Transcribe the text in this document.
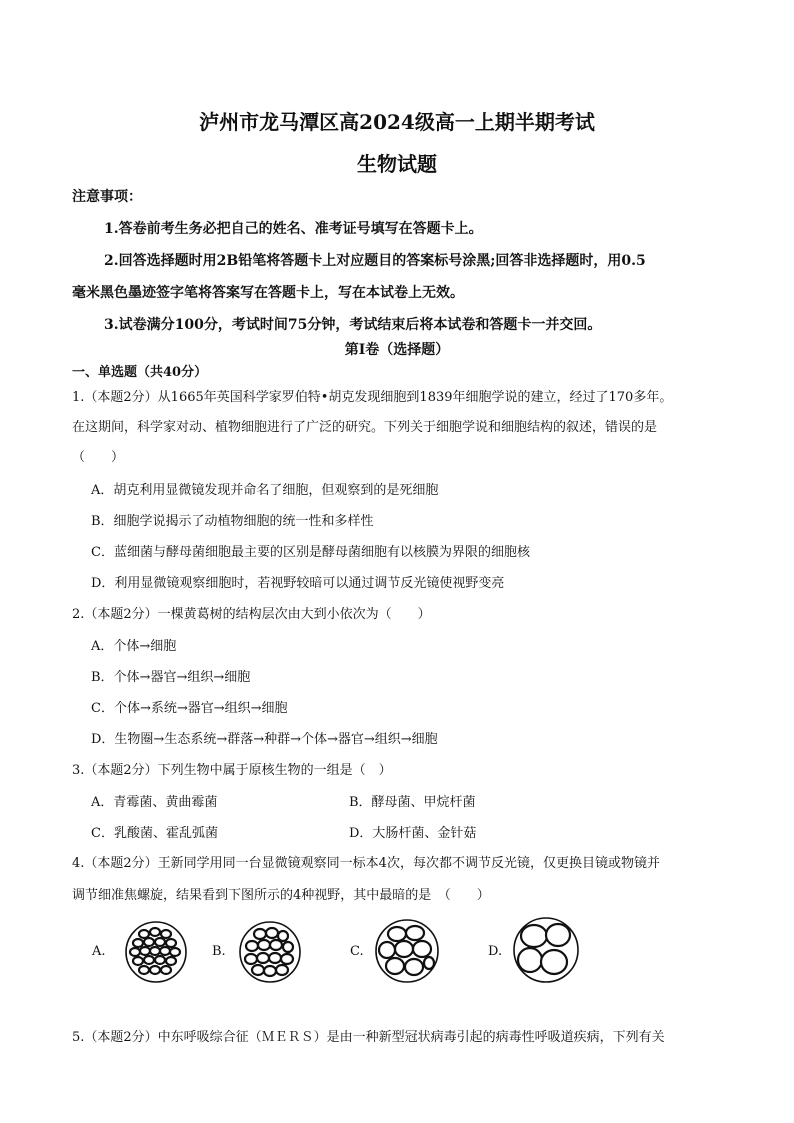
泸州市龙马潭区高2024级高一上期半期考试
生物试题
注意事项：
1.答卷前考生务必把自己的姓名、准考证号填写在答题卡上。
2.回答选择题时用2B铅笔将答题卡上对应题目的答案标号涂黑;回答非选择题时，用0.5
毫米黑色墨迹签字笔将答案写在答题卡上，写在本试卷上无效。
3.试卷满分100分，考试时间75分钟，考试结束后将本试卷和答题卡一并交回。
第Ⅰ卷（选择题）
一、单选题（共40分）
1.（本题2分）从1665年英国科学家罗伯特•胡克发现细胞到1839年细胞学说的建立，经过了170多年。
在这期间，科学家对动、植物细胞进行了广泛的研究。下列关于细胞学说和细胞结构的叙述，错误的是
（　　）
A．胡克利用显微镜发现并命名了细胞，但观察到的是死细胞
B．细胞学说揭示了动植物细胞的统一性和多样性
C．蓝细菌与酵母菌细胞最主要的区别是酵母菌细胞有以核膜为界限的细胞核
D．利用显微镜观察细胞时，若视野较暗可以通过调节反光镜使视野变亮
2.（本题2分）一棵黄葛树的结构层次由大到小依次为（　　）
A．个体→细胞
B．个体→器官→组织→细胞
C．个体→系统→器官→组织→细胞
D．生物圈→生态系统→群落→种群→个体→器官→组织→细胞
3.（本题2分）下列生物中属于原核生物的一组是（　）
A．青霉菌、黄曲霉菌	B．酵母菌、甲烷杆菌
C．乳酸菌、霍乱弧菌	D．大肠杆菌、金针菇
4.（本题2分）王新同学用同一台显微镜观察同一标本4次，每次都不调节反光镜，仅更换目镜或物镜并
调节细准焦螺旋，结果看到下图所示的4种视野，其中最暗的是　（　　）
A.	B.	C.	D.
5.（本题2分）中东呼吸综合征（ＭＥＲＳ）是由一种新型冠状病毒引起的病毒性呼吸道疾病，下列有关
